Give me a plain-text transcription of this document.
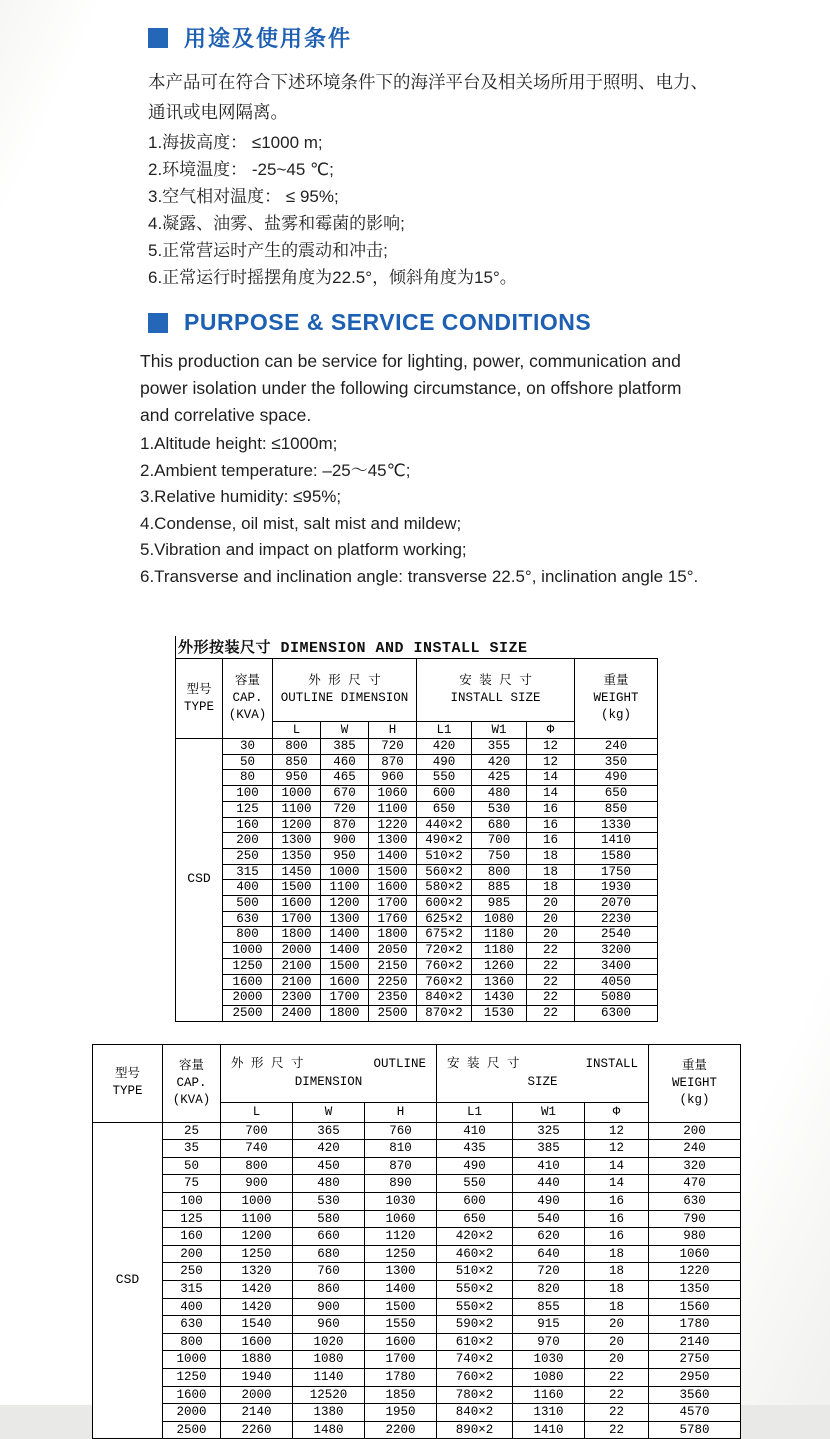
用途及使用条件
本产品可在符合下述环境条件下的海洋平台及相关场所用于照明、电力、
通讯或电网隔离。
1.海拔高度： ≤1000 m;
2.环境温度： -25~45 ℃;
3.空气相对温度： ≤ 95%;
4.凝露、油雾、盐雾和霉菌的影响;
5.正常营运时产生的震动和冲击;
6.正常运行时摇摆角度为22.5°，倾斜角度为15°。
PURPOSE & SERVICE CONDITIONS
This production can be service for lighting, power, communication and
power isolation under the following circumstance, on offshore platform
and correlative space.
1.Altitude height: ≤1000m;
2.Ambient temperature: –25～45℃;
3.Relative humidity: ≤95%;
4.Condense, oil mist, salt mist and mildew;
5.Vibration and impact on platform working;
6.Transverse and inclination angle: transverse 22.5°, inclination angle 15°.
外形按装尺寸 DIMENSION AND INSTALL SIZE
型号
TYPE

容量
CAP.
(KVA)

外 形 尺 寸
OUTLINE DIMENSION

安 装 尺 寸
INSTALL SIZE

重量
WEIGHT
(kg)

		L	W	H	L1	W1	Φ	
CSD	30	800	385	720	420	355	12	240
	50	850	460	870	490	420	12	350
	80	950	465	960	550	425	14	490
	100	1000	670	1060	600	480	14	650
	125	1100	720	1100	650	530	16	850
	160	1200	870	1220	440×2	680	16	1330
	200	1300	900	1300	490×2	700	16	1410
	250	1350	950	1400	510×2	750	18	1580
	315	1450	1000	1500	560×2	800	18	1750
	400	1500	1100	1600	580×2	885	18	1930
	500	1600	1200	1700	600×2	985	20	2070
	630	1700	1300	1760	625×2	1080	20	2230
	800	1800	1400	1800	675×2	1180	20	2540
	1000	2000	1400	2050	720×2	1180	22	3200
	1250	2100	1500	2150	760×2	1260	22	3400
	1600	2100	1600	2250	760×2	1360	22	4050
	2000	2300	1700	2350	840×2	1430	22	5080
	2500	2400	1800	2500	870×2	1530	22	6300
型号
TYPE

容量
CAP.
(KVA)

外 形 尺 寸	OUTLINE
DIMENSION

安 装 尺 寸	INSTALL
SIZE

重量
WEIGHT
(kg)

		L	W	H	L1	W1	Φ	
CSD	25	700	365	760	410	325	12	200
	35	740	420	810	435	385	12	240
	50	800	450	870	490	410	14	320
	75	900	480	890	550	440	14	470
	100	1000	530	1030	600	490	16	630
	125	1100	580	1060	650	540	16	790
	160	1200	660	1120	420×2	620	16	980
	200	1250	680	1250	460×2	640	18	1060
	250	1320	760	1300	510×2	720	18	1220
	315	1420	860	1400	550×2	820	18	1350
	400	1420	900	1500	550×2	855	18	1560
	630	1540	960	1550	590×2	915	20	1780
	800	1600	1020	1600	610×2	970	20	2140
	1000	1880	1080	1700	740×2	1030	20	2750
	1250	1940	1140	1780	760×2	1080	22	2950
	1600	2000	12520	1850	780×2	1160	22	3560
	2000	2140	1380	1950	840×2	1310	22	4570
	2500	2260	1480	2200	890×2	1410	22	5780
